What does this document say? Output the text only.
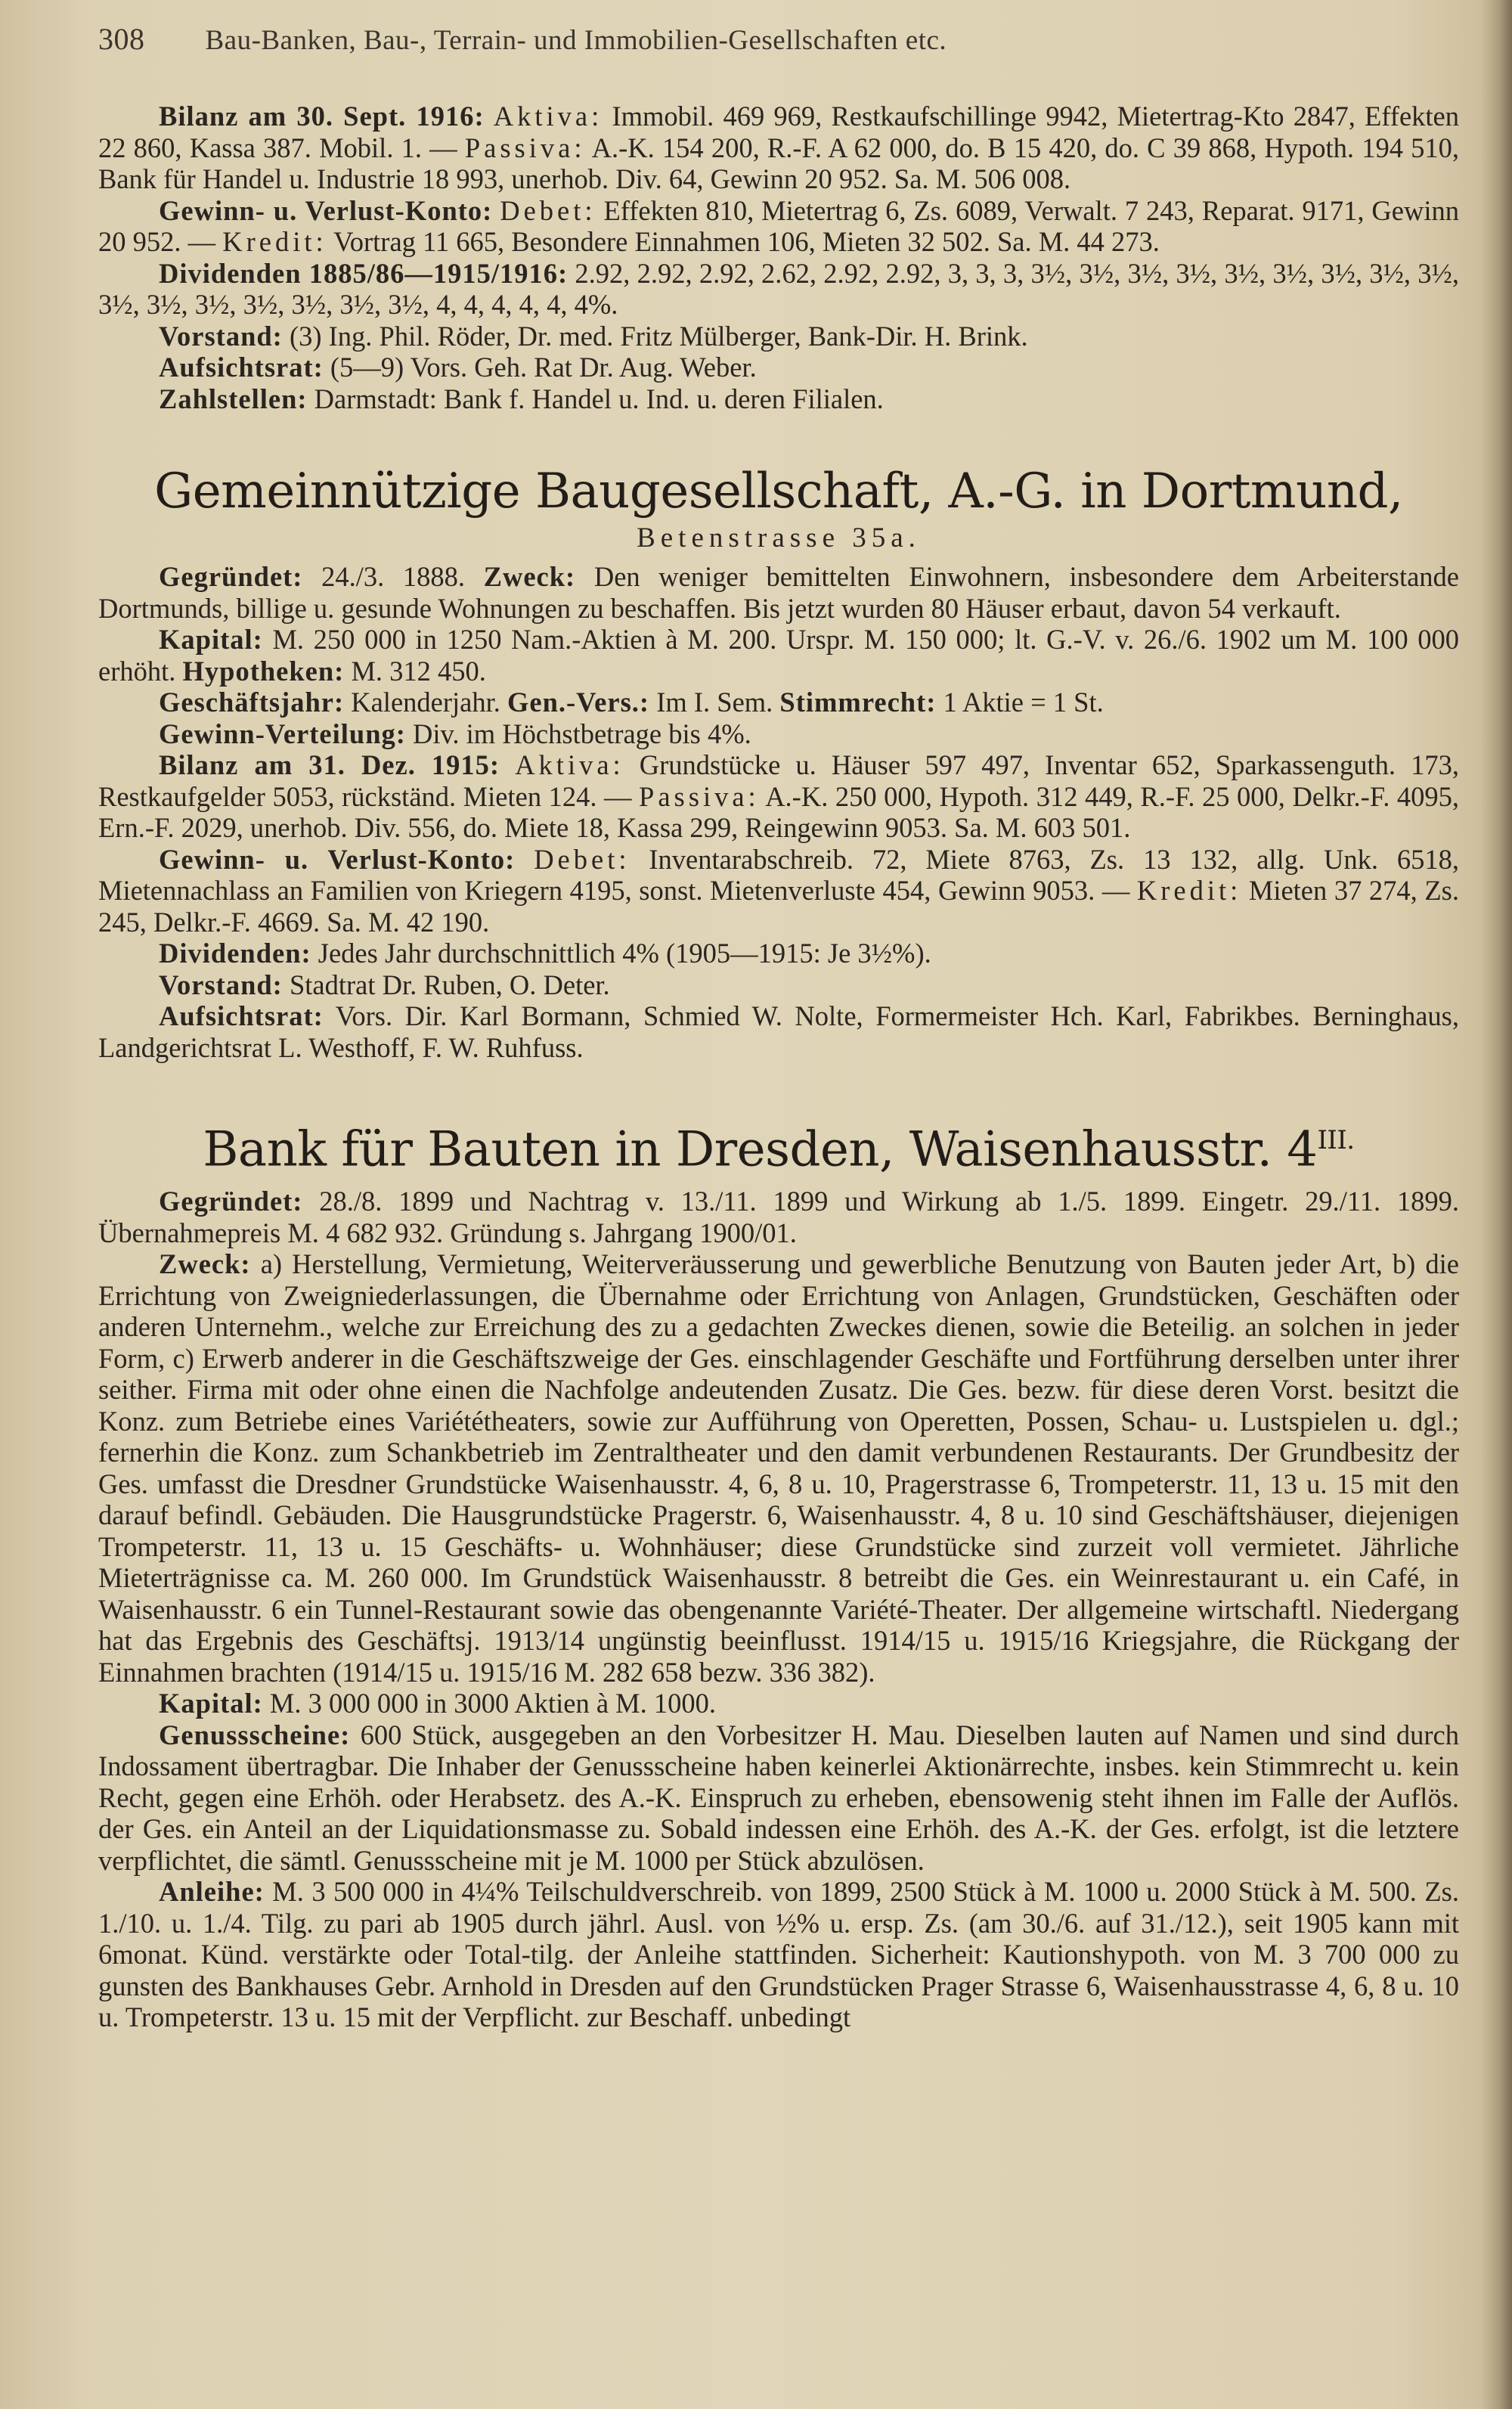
308 Bau-Banken, Bau-, Terrain- und Immobilien-Gesellschaften etc.

Bilanz am 30. Sept. 1916: Aktiva: Immobil. 469 969, Restkaufschillinge 9942, Mietertrag-Kto 2847, Effekten 22 860, Kassa 387. Mobil. 1. — Passiva: A.-K. 154 200, R.-F. A 62 000, do. B 15 420, do. C 39 868, Hypoth. 194 510, Bank für Handel u. Industrie 18 993, unerhob. Div. 64, Gewinn 20 952. Sa. M. 506 008.

Gewinn- u. Verlust-Konto: Debet: Effekten 810, Mietertrag 6, Zs. 6089, Verwalt. 7 243, Reparat. 9171, Gewinn 20 952. — Kredit: Vortrag 11 665, Besondere Einnahmen 106, Mieten 32 502. Sa. M. 44 273.

Dividenden 1885/86—1915/1916: 2.92, 2.92, 2.92, 2.62, 2.92, 2.92, 3, 3, 3, 3½, 3½, 3½, 3½, 3½, 3½, 3½, 3½, 3½, 3½, 3½, 3½, 3½, 3½, 3½, 3½, 4, 4, 4, 4, 4, 4%.

Vorstand: (3) Ing. Phil. Röder, Dr. med. Fritz Mülberger, Bank-Dir. H. Brink.

Aufsichtsrat: (5—9) Vors. Geh. Rat Dr. Aug. Weber.

Zahlstellen: Darmstadt: Bank f. Handel u. Ind. u. deren Filialen.

Gemeinnützige Baugesellschaft, A.-G. in Dortmund,
Betenstrasse 35a.

Gegründet: 24./3. 1888. Zweck: Den weniger bemittelten Einwohnern, insbesondere dem Arbeiterstande Dortmunds, billige u. gesunde Wohnungen zu beschaffen. Bis jetzt wurden 80 Häuser erbaut, davon 54 verkauft.

Kapital: M. 250 000 in 1250 Nam.-Aktien à M. 200. Urspr. M. 150 000; lt. G.-V. v. 26./6. 1902 um M. 100 000 erhöht. Hypotheken: M. 312 450.

Geschäftsjahr: Kalenderjahr. Gen.-Vers.: Im I. Sem. Stimmrecht: 1 Aktie = 1 St.

Gewinn-Verteilung: Div. im Höchstbetrage bis 4%.

Bilanz am 31. Dez. 1915: Aktiva: Grundstücke u. Häuser 597 497, Inventar 652, Sparkassenguth. 173, Restkaufgelder 5053, rückständ. Mieten 124. — Passiva: A.-K. 250 000, Hypoth. 312 449, R.-F. 25 000, Delkr.-F. 4095, Ern.-F. 2029, unerhob. Div. 556, do. Miete 18, Kassa 299, Reingewinn 9053. Sa. M. 603 501.

Gewinn- u. Verlust-Konto: Debet: Inventarabschreib. 72, Miete 8763, Zs. 13 132, allg. Unk. 6518, Mietennachlass an Familien von Kriegern 4195, sonst. Mietenverluste 454, Gewinn 9053. — Kredit: Mieten 37 274, Zs. 245, Delkr.-F. 4669. Sa. M. 42 190.

Dividenden: Jedes Jahr durchschnittlich 4% (1905—1915: Je 3½%).

Vorstand: Stadtrat Dr. Ruben, O. Deter.

Aufsichtsrat: Vors. Dir. Karl Bormann, Schmied W. Nolte, Formermeister Hch. Karl, Fabrikbes. Berninghaus, Landgerichtsrat L. Westhoff, F. W. Ruhfuss.

Bank für Bauten in Dresden, Waisenhausstr. $4^{III.}$

Gegründet: 28./8. 1899 und Nachtrag v. 13./11. 1899 und Wirkung ab 1./5. 1899. Eingetr. 29./11. 1899. Übernahmepreis M. 4 682 932. Gründung s. Jahrgang 1900/01.

Zweck: a) Herstellung, Vermietung, Weiterveräusserung und gewerbliche Benutzung von Bauten jeder Art, b) die Errichtung von Zweigniederlassungen, die Übernahme oder Errichtung von Anlagen, Grundstücken, Geschäften oder anderen Unternehm., welche zur Erreichung des zu a gedachten Zweckes dienen, sowie die Beteilig. an solchen in jeder Form, c) Erwerb anderer in die Geschäftszweige der Ges. einschlagender Geschäfte und Fortführung derselben unter ihrer seither. Firma mit oder ohne einen die Nachfolge andeutenden Zusatz. Die Ges. bezw. für diese deren Vorst. besitzt die Konz. zum Betriebe eines Variététheaters, sowie zur Aufführung von Operetten, Possen, Schau- u. Lustspielen u. dgl.; fernerhin die Konz. zum Schankbetrieb im Zentraltheater und den damit verbundenen Restaurants. Der Grundbesitz der Ges. umfasst die Dresdner Grundstücke Waisenhausstr. 4, 6, 8 u. 10, Pragerstrasse 6, Trompeterstr. 11, 13 u. 15 mit den darauf befindl. Gebäuden. Die Hausgrundstücke Pragerstr. 6, Waisenhausstr. 4, 8 u. 10 sind Geschäftshäuser, diejenigen Trompeterstr. 11, 13 u. 15 Geschäfts- u. Wohnhäuser; diese Grundstücke sind zurzeit voll vermietet. Jährliche Mieterträgnisse ca. M. 260 000. Im Grundstück Waisenhausstr. 8 betreibt die Ges. ein Weinrestaurant u. ein Café, in Waisenhausstr. 6 ein Tunnel-Restaurant sowie das obengenannte Variété-Theater. Der allgemeine wirtschaftl. Niedergang hat das Ergebnis des Geschäftsj. 1913/14 ungünstig beeinflusst. 1914/15 u. 1915/16 Kriegsjahre, die Rückgang der Einnahmen brachten (1914/15 u. 1915/16 M. 282 658 bezw. 336 382).

Kapital: M. 3 000 000 in 3000 Aktien à M. 1000.

Genussscheine: 600 Stück, ausgegeben an den Vorbesitzer H. Mau. Dieselben lauten auf Namen und sind durch Indossament übertragbar. Die Inhaber der Genussscheine haben keinerlei Aktionärrechte, insbes. kein Stimmrecht u. kein Recht, gegen eine Erhöh. oder Herabsetz. des A.-K. Einspruch zu erheben, ebensowenig steht ihnen im Falle der Auflös. der Ges. ein Anteil an der Liquidationsmasse zu. Sobald indessen eine Erhöh. des A.-K. der Ges. erfolgt, ist die letztere verpflichtet, die sämtl. Genussscheine mit je M. 1000 per Stück abzulösen.

Anleihe: M. 3 500 000 in 4¼% Teilschuldverschreib. von 1899, 2500 Stück à M. 1000 u. 2000 Stück à M. 500. Zs. 1./10. u. 1./4. Tilg. zu pari ab 1905 durch jährl. Ausl. von ½% u. ersp. Zs. (am 30./6. auf 31./12.), seit 1905 kann mit 6monat. Künd. verstärkte oder Total-tilg. der Anleihe stattfinden. Sicherheit: Kautionshypoth. von M. 3 700 000 zu gunsten des Bankhauses Gebr. Arnhold in Dresden auf den Grundstücken Prager Strasse 6, Waisenhausstrasse 4, 6, 8 u. 10 u. Trompeterstr. 13 u. 15 mit der Verpflicht. zur Beschaff. unbedingt
